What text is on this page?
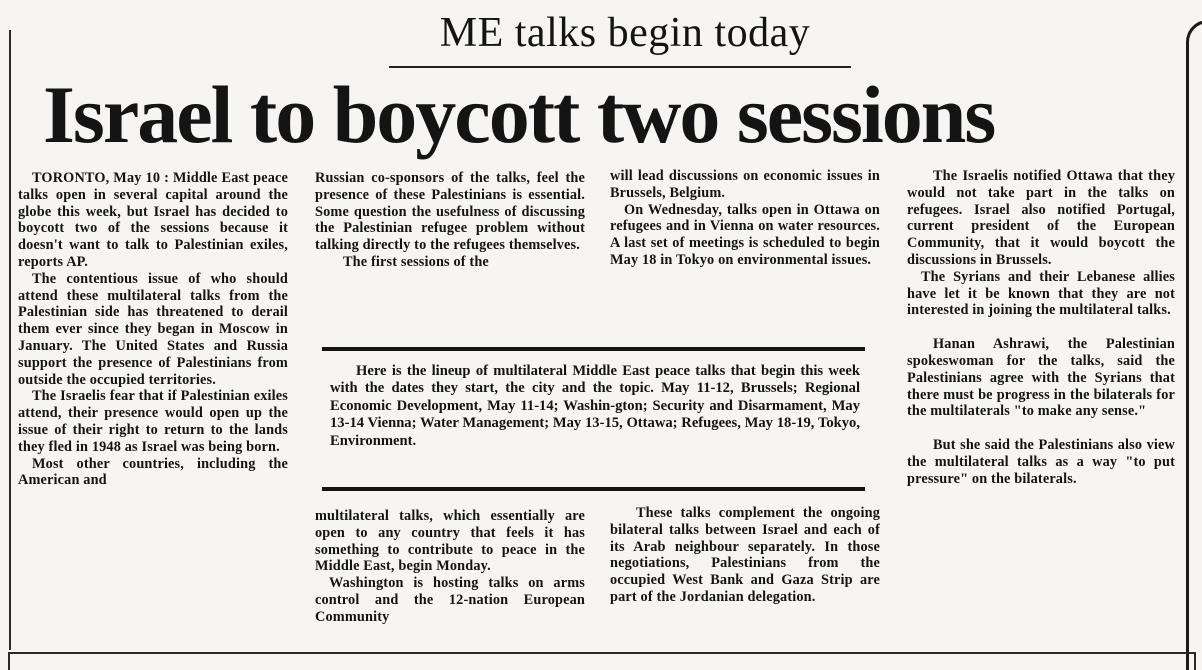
ME talks begin today
Israel to boycott two sessions

TORONTO, May 10 : Middle East peace talks open in several capital around the globe this week, but Israel has decided to boycott two of the sessions because it doesn't want to talk to Palestinian exiles, reports AP.

The contentious issue of who should attend these multilateral talks from the Palestinian side has threatened to derail them ever since they began in Moscow in January. The United States and Russia support the presence of Palestinians from outside the occupied territories.

The Israelis fear that if Palestinian exiles attend, their presence would open up the issue of their right to return to the lands they fled in 1948 as Israel was being born.

Most other countries, including the American and

Russian co-sponsors of the talks, feel the presence of these Palestinians is essential. Some question the usefulness of discussing the Palestinian refugee problem without talking directly to the refugees themselves.

The first sessions of the

will lead discussions on economic issues in Brussels, Belgium.

On Wednesday, talks open in Ottawa on refugees and in Vienna on water resources. A last set of meetings is scheduled to begin May 18 in Tokyo on environmental issues.

The Israelis notified Ottawa that they would not take part in the talks on refugees. Israel also notified Portugal, current president of the European Community, that it would boycott the discussions in Brussels.

The Syrians and their Lebanese allies have let it be known that they are not interested in joining the multilateral talks.

Hanan Ashrawi, the Palestinian spokeswoman for the talks, said the Palestinians agree with the Syrians that there must be progress in the bilaterals for the multilaterals "to make any sense."

But she said the Palestinians also view the multilateral talks as a way "to put pressure" on the bilaterals.

Here is the lineup of multilateral Middle East peace talks that begin this week with the dates they start, the city and the topic. May 11-12, Brussels; Regional Economic Development, May 11-14; Washin-gton; Security and Disarmament, May 13-14 Vienna; Water Management; May 13-15, Ottawa; Refugees, May 18-19, Tokyo, Environment.

multilateral talks, which essentially are open to any country that feels it has something to contribute to peace in the Middle East, begin Monday.

Washington is hosting talks on arms control and the 12-nation European Community

These talks complement the ongoing bilateral talks between Israel and each of its Arab neighbour separately. In those negotiations, Palestinians from the occupied West Bank and Gaza Strip are part of the Jordanian delegation.
